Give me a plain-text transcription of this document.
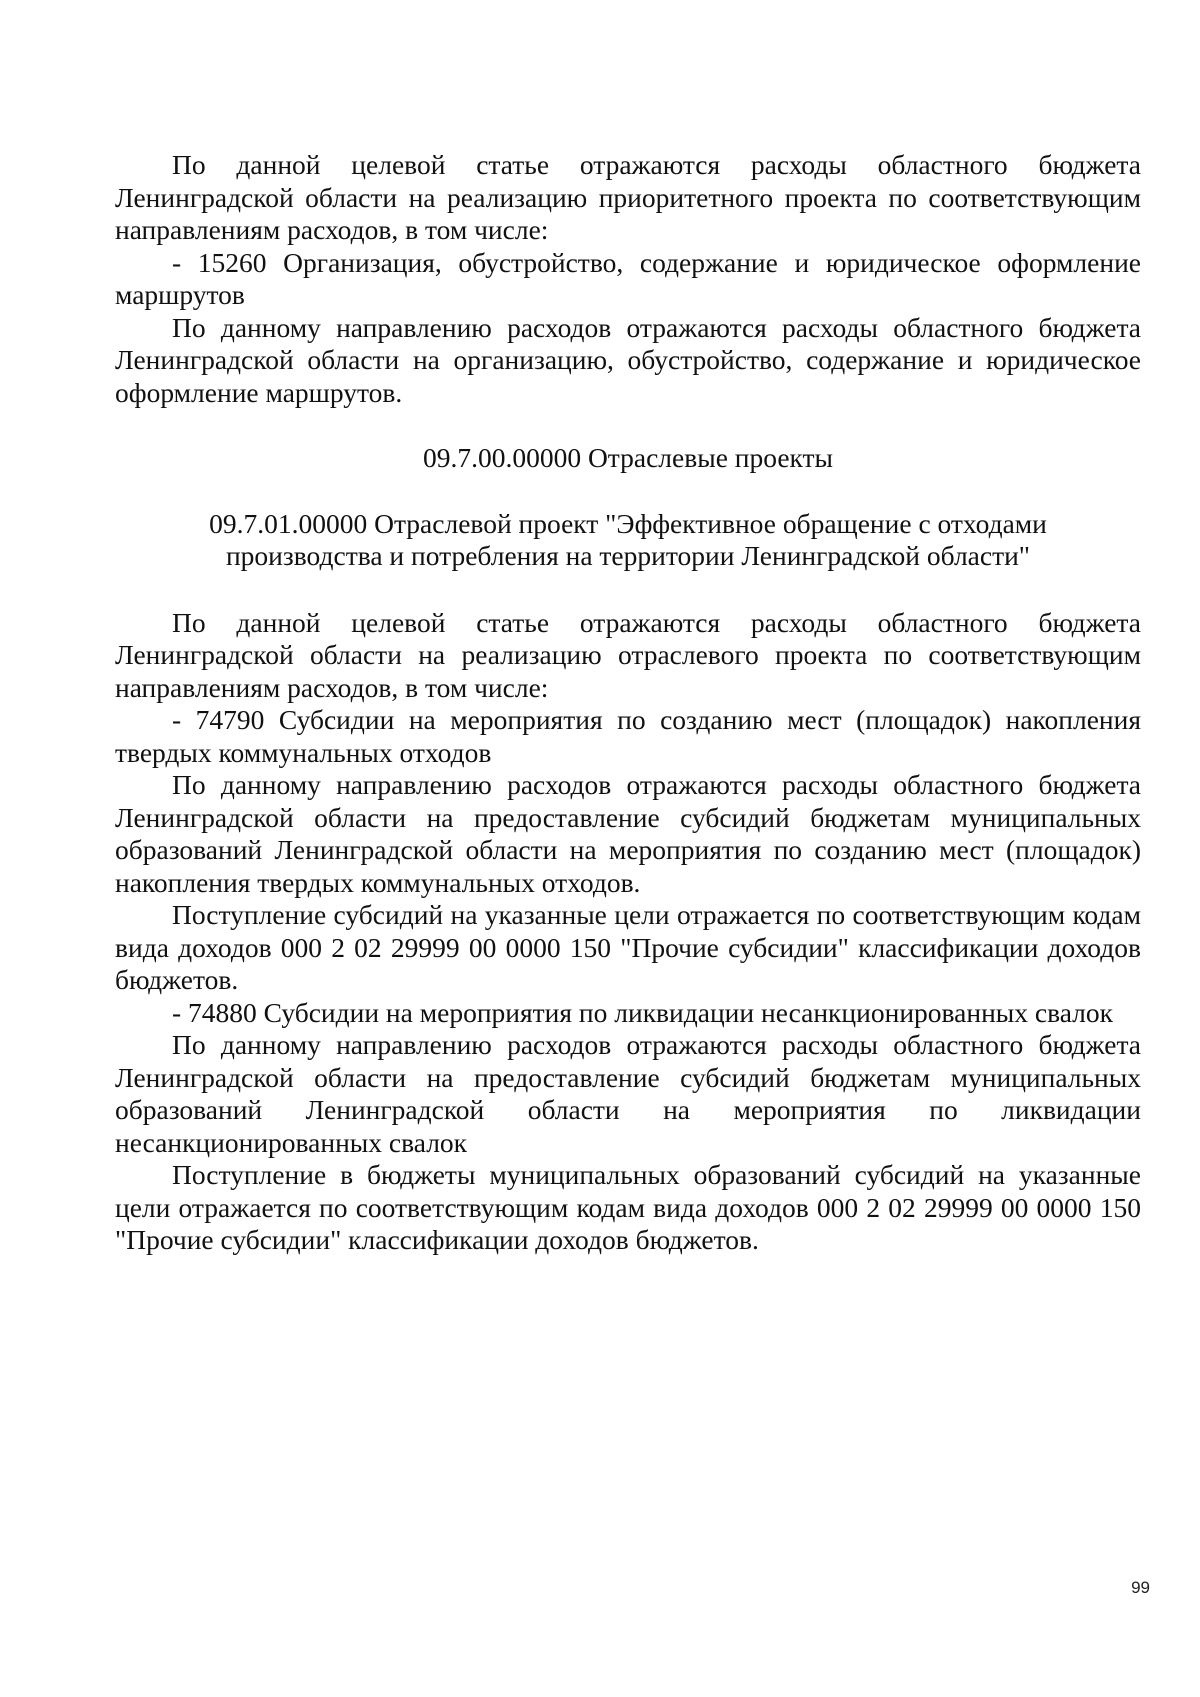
По данной целевой статье отражаются расходы областного бюджета Ленинградской области на реализацию приоритетного проекта по соответствующим направлениям расходов, в том числе:

- 15260 Организация, обустройство, содержание и юридическое оформление маршрутов

По данному направлению расходов отражаются расходы областного бюджета Ленинградской области на организацию, обустройство, содержание и юридическое оформление маршрутов.

09.7.00.00000 Отраслевые проекты

09.7.01.00000 Отраслевой проект "Эффективное обращение с отходами производства и потребления на территории Ленинградской области"

По данной целевой статье отражаются расходы областного бюджета Ленинградской области на реализацию отраслевого проекта по соответствующим направлениям расходов, в том числе:

- 74790 Субсидии на мероприятия по созданию мест (площадок) накопления твердых коммунальных отходов

По данному направлению расходов отражаются расходы областного бюджета Ленинградской области на предоставление субсидий бюджетам муниципальных образований Ленинградской области на мероприятия по созданию мест (площадок) накопления твердых коммунальных отходов.

Поступление субсидий на указанные цели отражается по соответствующим кодам вида доходов 000 2 02 29999 00 0000 150 "Прочие субсидии" классификации доходов бюджетов.

- 74880 Субсидии на мероприятия по ликвидации несанкционированных свалок

По данному направлению расходов отражаются расходы областного бюджета Ленинградской области на предоставление субсидий бюджетам муниципальных образований Ленинградской области на мероприятия по ликвидации несанкционированных свалок

Поступление в бюджеты муниципальных образований субсидий на указанные цели отражается по соответствующим кодам вида доходов 000 2 02 29999 00 0000 150 "Прочие субсидии" классификации доходов бюджетов.

99
